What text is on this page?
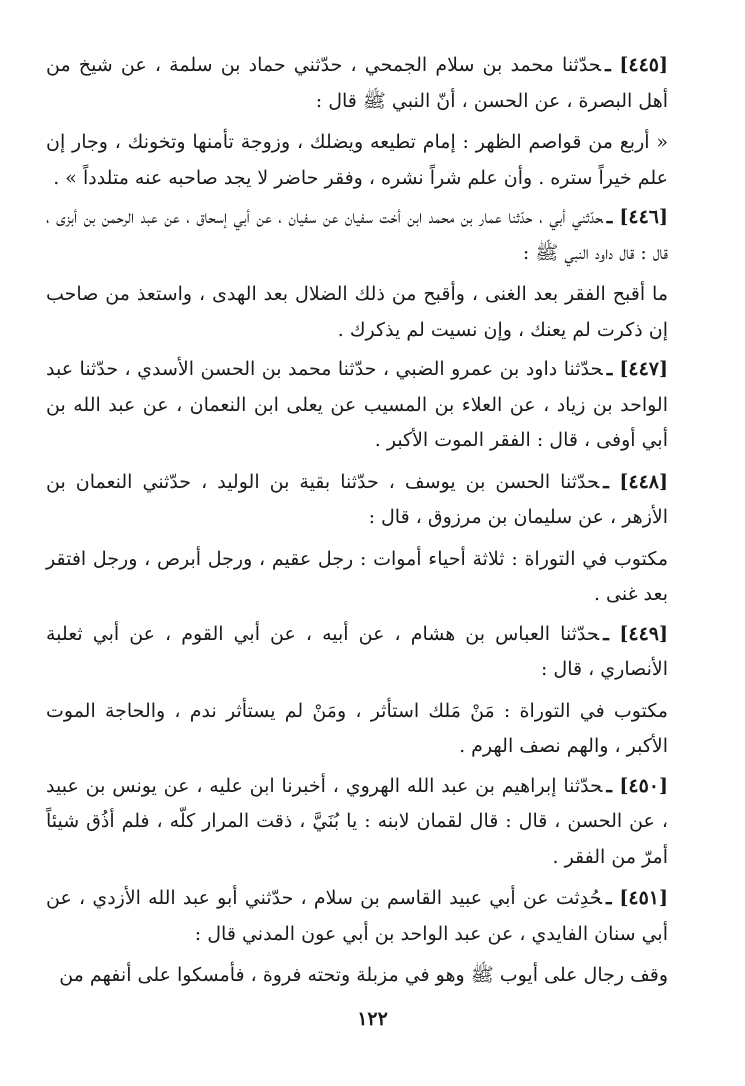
[٤٤٥] ـحدّثنا محمد بن سلام الجمحي ، حدّثني حماد بن سلمة ، عن شيخ من أهل البصرة ، عن الحسن ، أنّ النبي ﷺ قال :

« أربع من قواصم الظهر : إمام تطيعه ويضلك ، وزوجة تأمنها وتخونك ، وجار إن علم خيراً ستره . وأن علم شراً نشره ، وفقر حاضر لا يجد صاحبه عنه متلدداً » .

[٤٤٦] ـحدّثني أبي ، حدّثنا عمار بن محمد ابن أخت سفيان عن سفيان ، عن أبي إسحاق ، عن عبد الرحمن بن أبزى ، قال : قال داود النبي ﷺ :

ما أقبح الفقر بعد الغنى ، وأقبح من ذلك الضلال بعد الهدى ، واستعذ من صاحب إن ذكرت لم يعنك ، وإن نسيت لم يذكرك .

[٤٤٧] ـحدّثنا داود بن عمرو الضبي ، حدّثنا محمد بن الحسن الأسدي ، حدّثنا عبد الواحد بن زياد ، عن العلاء بن المسيب عن يعلى ابن النعمان ، عن عبد الله بن أبي أوفى ، قال : الفقر الموت الأكبر .

[٤٤٨] ـحدّثنا الحسن بن يوسف ، حدّثنا بقية بن الوليد ، حدّثني النعمان بن الأزهر ، عن سليمان بن مرزوق ، قال :

مكتوب في التوراة : ثلاثة أحياء أموات : رجل عقيم ، ورجل أبرص ، ورجل افتقر بعد غنى .

[٤٤٩] ـحدّثنا العباس بن هشام ، عن أبيه ، عن أبي القوم ، عن أبي ثعلبة الأنصاري ، قال :

مكتوب في التوراة : مَنْ مَلك استأثر ، ومَنْ لم يستأثر ندم ، والحاجة الموت الأكبر ، والهم نصف الهرم .

[٤٥٠] ـحدّثنا إبراهيم بن عبد الله الهروي ، أخبرنا ابن عليه ، عن يونس بن عبيد ، عن الحسن ، قال : قال لقمان لابنه : يا بُنَيَّ ، ذقت المرار كلّه ، فلم أذُق شيئاً أمرّ من الفقر .

[٤٥١] ـحُدِثت عن أبي عبيد القاسم بن سلام ، حدّثني أبو عبد الله الأزدي ، عن أبي سنان الفايدي ، عن عبد الواحد بن أبي عون المدني قال :

وقف رجال على أيوب ﷺ وهو في مزبلة وتحته فروة ، فأمسكوا على أنفهم من

١٢٢
